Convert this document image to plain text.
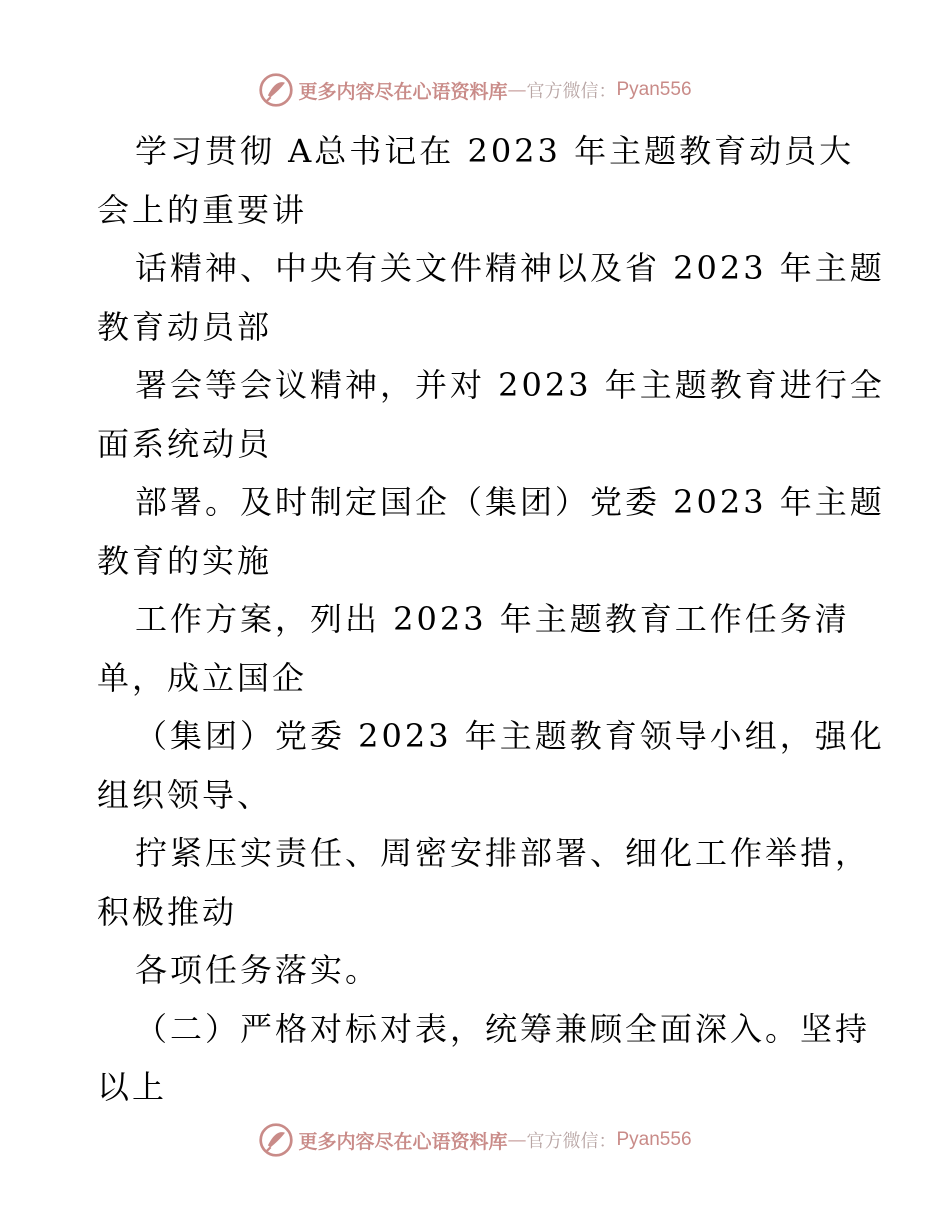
更多内容尽在心语资料库 — 官方微信： Pyan556
学习贯彻 A总书记在 2023 年主题教育动员大
会上的重要讲
话精神、中央有关文件精神以及省 2023 年主题
教育动员部
署会等会议精神，并对 2023 年主题教育进行全
面系统动员
部署。及时制定国企（集团）党委 2023 年主题
教育的实施
工作方案，列出 2023 年主题教育工作任务清
单，成立国企
（集团）党委 2023 年主题教育领导小组，强化
组织领导、
拧紧压实责任、周密安排部署、细化工作举措，
积极推动
各项任务落实。
（二）严格对标对表，统筹兼顾全面深入。坚持
以上
更多内容尽在心语资料库 — 官方微信： Pyan556
